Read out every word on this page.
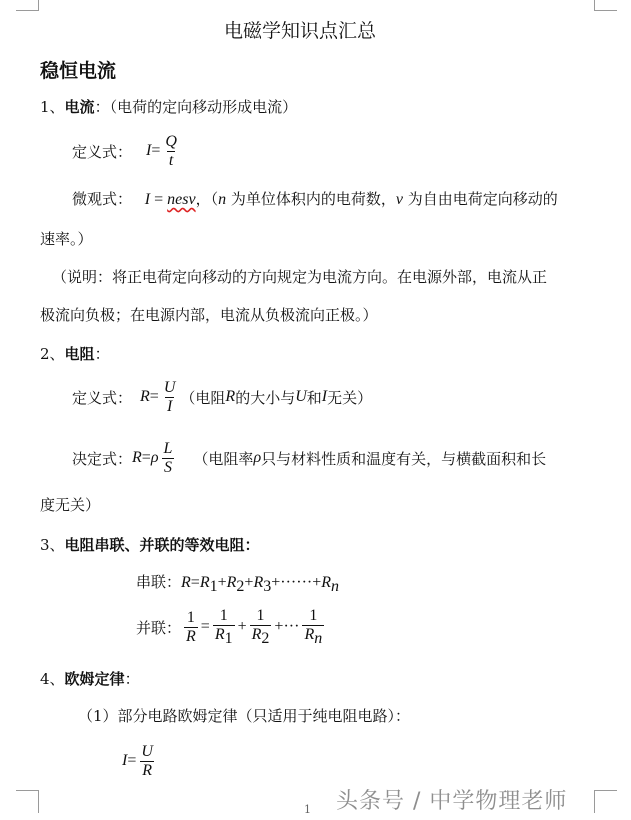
电磁学知识点汇总
稳恒电流
1、电流：（电荷的定向移动形成电流）
定义式： $I = \frac{Q}{t}$
微观式： I = nesv，（n 为单位体积内的电荷数，v 为自由电荷定向移动的
速率。）
（说明：将正电荷定向移动的方向规定为电流方向。在电源外部，电流从正
极流向负极；在电源内部，电流从负极流向正极。）
2、电阻：
定义式： $R = \frac{U}{I}$ （电阻 R 的大小与 U 和 I 无关）
决定式： R = ρ $\frac{L}{S}$ （电阻率 ρ 只与材料性质和温度有关，与横截面积和长
度无关）
3、电阻串联、并联的等效电阻：
串联：$R=R_1+R_2+R_3+\cdot\cdot\cdot\cdot\cdot\cdot+R_n$
并联： $\frac{1}{R} = \frac{1}{R_1} + \frac{1}{R_2}$ +··· $\frac{1}{R_n}$
4、欧姆定律：
（1）部分电路欧姆定律（只适用于纯电阻电路）：
$I = \frac{U}{R}$
1 头条号 / 中学物理老师
